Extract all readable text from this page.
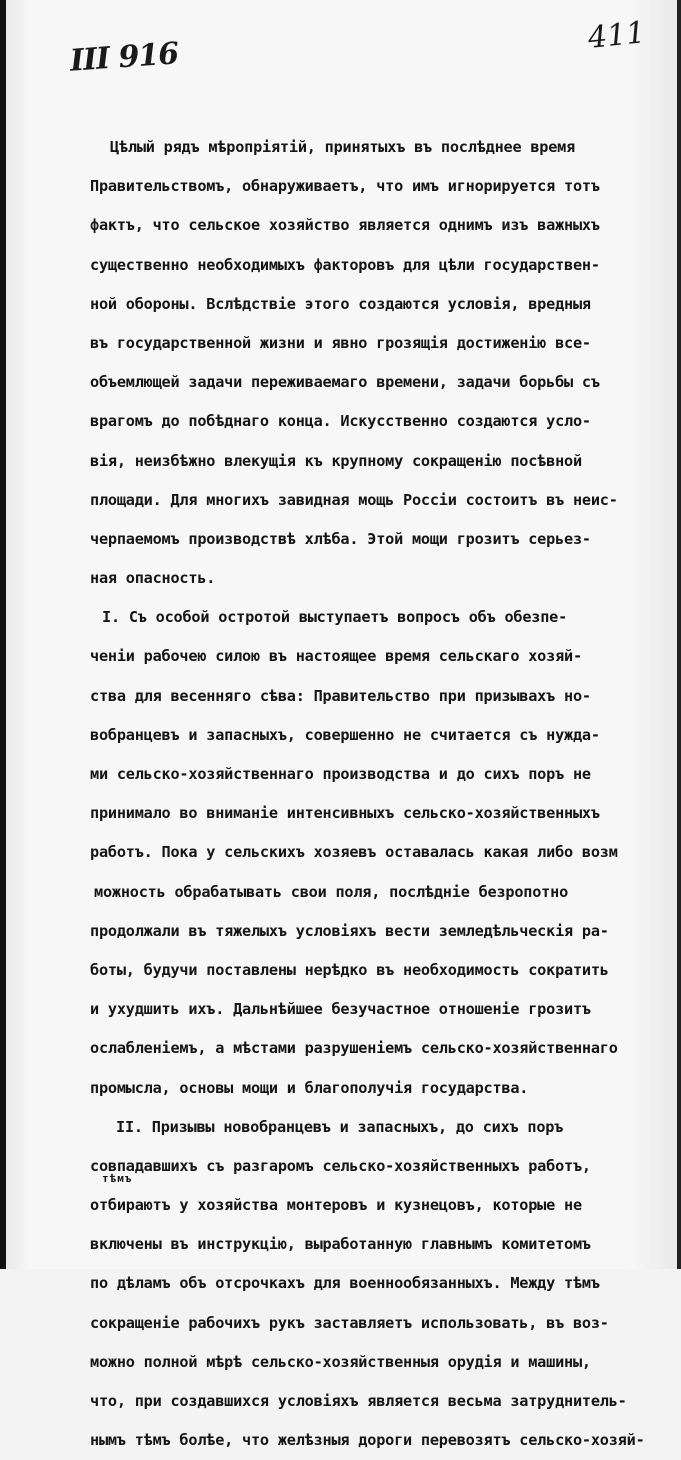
III 916
411
Цѣлый рядъ мѣропріятій, принятыхъ въ послѣднее время
Правительствомъ, обнаруживаетъ, что имъ игнорируется тотъ
фактъ, что сельское хозяйство является однимъ изъ важныхъ
существенно необходимыхъ факторовъ для цѣли государствен-
ной обороны. Вслѣдствіе этого создаются условія, вредныя
въ государственной жизни и явно грозящія достиженію все-
объемлющей задачи переживаемаго времени, задачи борьбы съ
врагомъ до побѣднаго конца. Искусственно создаются усло-
вія, неизбѣжно влекущія къ крупному сокращенію посѣвной
площади. Для многихъ завидная мощь Россіи состоитъ въ неис-
черпаемомъ производствѣ хлѣба. Этой мощи грозитъ серьез-
ная опасность.
I. Съ особой остротой выступаетъ вопросъ объ обезпе-
ченіи рабочею силою въ настоящее время сельскаго хозяй-
ства для весенняго сѣва: Правительство при призывахъ но-
вобранцевъ и запасныхъ, совершенно не считается съ нужда-
ми сельско-хозяйственнаго производства и до сихъ поръ не
принимало во вниманіе интенсивныхъ сельско-хозяйственныхъ
работъ. Пока у сельскихъ хозяевъ оставалась какая либо возм
можность обрабатывать свои поля, послѣдніе безропотно
продолжали въ тяжелыхъ условіяхъ вести земледѣльческія ра-
боты, будучи поставлены нерѣдко въ необходимость сократить
и ухудшить ихъ. Дальнѣйшее безучастное отношеніе грозитъ
ослабленіемъ, а мѣстами разрушеніемъ сельско-хозяйственнаго
промысла, основы мощи и благополучія государства.
II. Призывы новобранцевъ и запасныхъ, до сихъ поръ
совпадавшихъ съ разгаромъ сельско-хозяйственныхъ работъ,
отбираютъ у хозяйства монтеровъ и кузнецовъ, которые не
включены въ инструкцію, выработанную главнымъ комитетомъ
по дѣламъ объ отсрочкахъ для военнообязанныхъ. Между тѣмъ
сокращеніе рабочихъ рукъ заставляетъ использовать, въ воз-
можно полной мѣрѣ сельско-хозяйственныя орудія и машины,
что, при создавшихся условіяхъ является весьма затруднитель-
нымъ тѣмъ болѣе, что желѣзныя дороги перевозятъ сельско-хозяй-
тѣмъ
